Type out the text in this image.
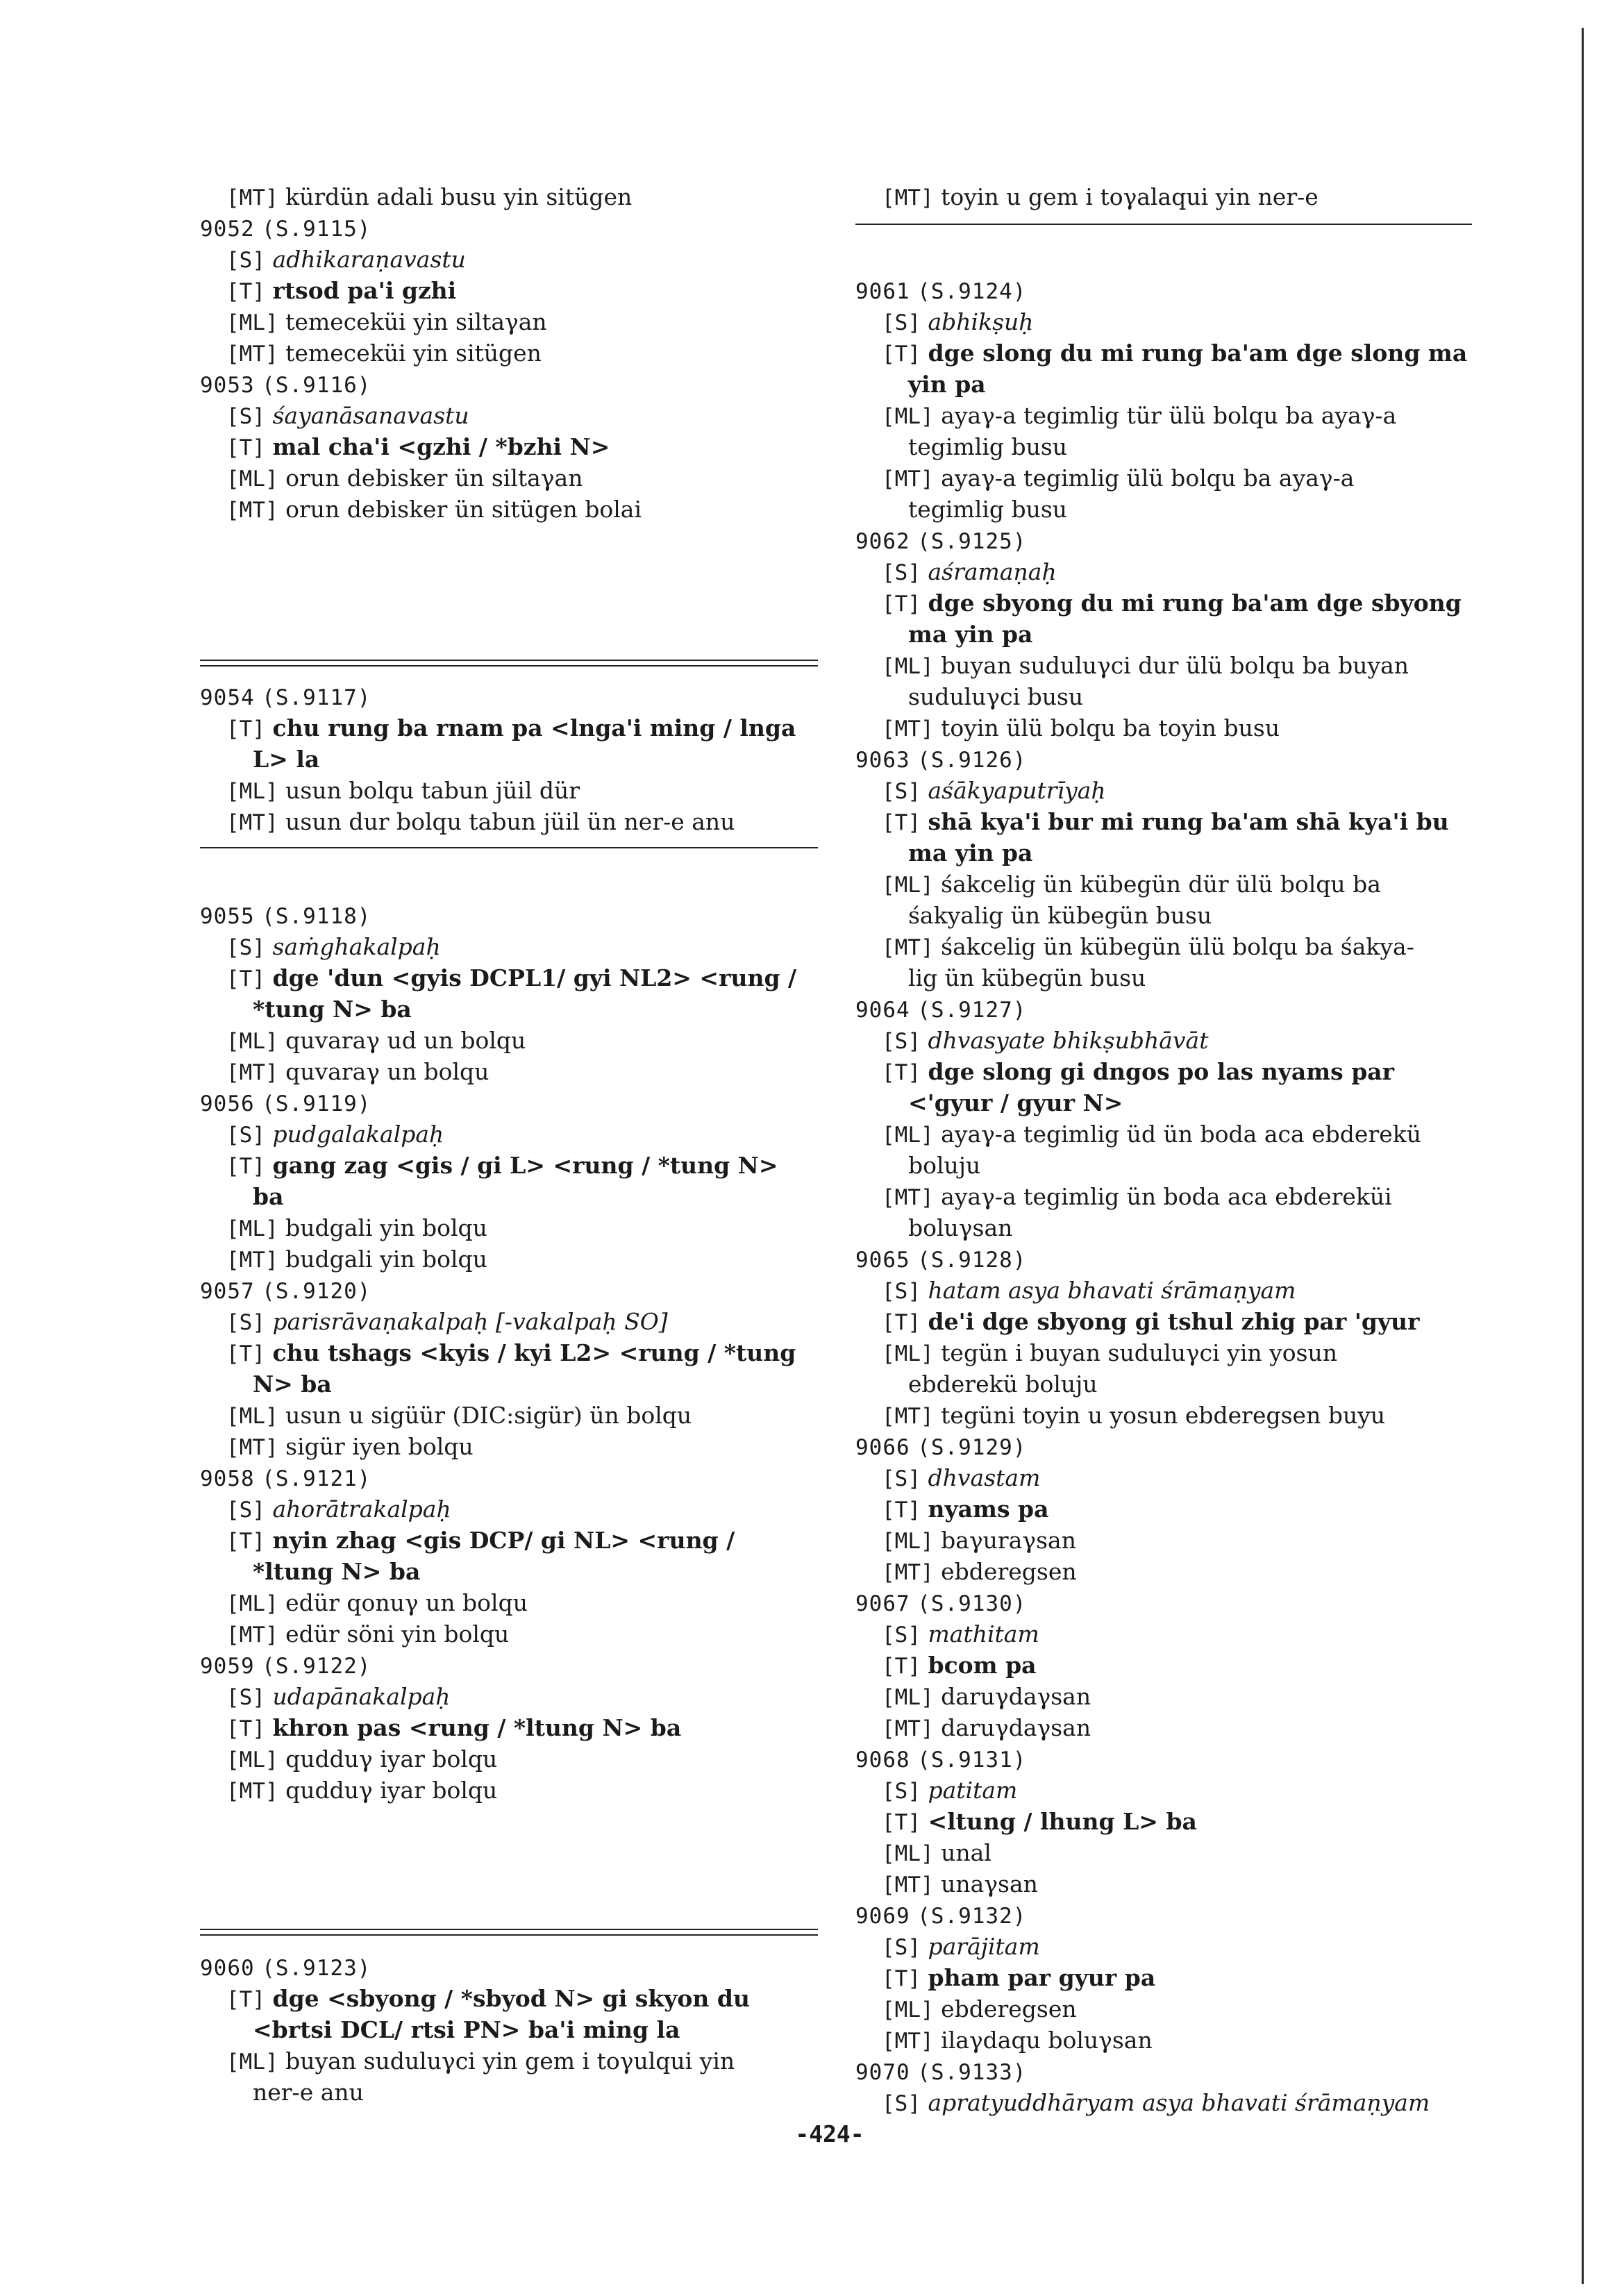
[MT] kürdün adali busu yin sitügen
9052 (S.9115)
[S] adhikaraṇavastu
[T] rtsod pa'i gzhi
[ML] temecekü​i yin siltaγan
[MT] temecekü​i yin sitügen
9053 (S.9116)
[S] śayanāsanavastu
[T] mal cha'i <gzhi / *bzhi N>
[ML] orun debisker ün siltaγan
[MT] orun debisker ün sitügen bolai
9054 (S.9117)
[T] chu rung ba rnam pa <lnga'i ming / lnga
L> la
[ML] usun bolqu tabun jüil dür
[MT] usun dur bolqu tabun jüil ün ner-e anu
9055 (S.9118)
[S] saṁghakalpaḥ
[T] dge 'dun <gyis DCPL1/ gyi NL2> <rung /
*tung N> ba
[ML] quvaraγ ud un bolqu
[MT] quvaraγ un bolqu
9056 (S.9119)
[S] pudgalakalpaḥ
[T] gang zag <gis / gi L> <rung / *tung N>
ba
[ML] budgali yin bolqu
[MT] budgali yin bolqu
9057 (S.9120)
[S] parisrāvaṇakalpaḥ [-vakalpaḥ SO]
[T] chu tshags <kyis / kyi L2> <rung / *tung
N> ba
[ML] usun u sigüür (DIC:sigür) ün bolqu
[MT] sigür iyen bolqu
9058 (S.9121)
[S] ahorātrakalpaḥ
[T] nyin zhag <gis DCP/ gi NL> <rung /
*ltung N> ba
[ML] edür qonuγ un bolqu
[MT] edür söni yin bolqu
9059 (S.9122)
[S] udapānakalpaḥ
[T] khron pas <rung / *ltung N> ba
[ML] quddu​γ iyar bolqu
[MT] quddu​γ iyar bolqu
9060 (S.9123)
[T] dge <sbyong / *sbyod N> gi skyon du
<brtsi DCL/ rtsi PN> ba'i ming la
[ML] buyan suduluγci yin gem i toγulqui yin
ner-e anu
[MT] toyin u gem i toγalaqui yin ner-e
9061 (S.9124)
[S] abhikṣuḥ
[T] dge slong du mi rung ba'am dge slong ma
yin pa
[ML] ayaγ-a tegimlig tür ülü bolqu ba ayaγ-a
tegimlig busu
[MT] ayaγ-a tegimlig ülü bolqu ba ayaγ-a
tegimlig busu
9062 (S.9125)
[S] aśramaṇaḥ
[T] dge sbyong du mi rung ba'am dge sbyong
ma yin pa
[ML] buyan suduluγci dur ülü bolqu ba buyan
suduluγci busu
[MT] toyin ülü bolqu ba toyin busu
9063 (S.9126)
[S] aśākyaputrīyaḥ
[T] shā kya'i bur mi rung ba'am shā kya'i bu
ma yin pa
[ML] śakcelig ün kübegün dür ülü bolqu ba
śakyalig ün kübegün busu
[MT] śakcelig ün kübegün ülü bolqu ba śakya-
lig ün kübegün busu
9064 (S.9127)
[S] dhvasyate bhikṣubhāvāt
[T] dge slong gi dngos po las nyams par
<'gyur / gyur N>
[ML] ayaγ-a tegimlig üd ün boda aca ebderekü
boluju
[MT] ayaγ-a tegimlig ün boda aca ebdereküi
boluγsan
9065 (S.9128)
[S] hatam asya bhavati śrāmaṇyam
[T] de'i dge sbyong gi tshul zhig par 'gyur
[ML] tegün i buyan suduluγci yin yosun
ebderekü boluju
[MT] tegüni toyin u yosun ebderegsen buyu
9066 (S.9129)
[S] dhvastam
[T] nyams pa
[ML] baγuraγsan
[MT] ebderegsen
9067 (S.9130)
[S] mathitam
[T] bcom pa
[ML] daruγdaγsan
[MT] daruγdaγsan
9068 (S.9131)
[S] patitam
[T] <ltung / lhung L> ba
[ML] unal
[MT] unaγsan
9069 (S.9132)
[S] parājitam
[T] pham par gyur pa
[ML] ebderegsen
[MT] ilaγdaqu boluγsan
9070 (S.9133)
[S] apratyuddhāryam asya bhavati śrāmaṇyam
-424-
